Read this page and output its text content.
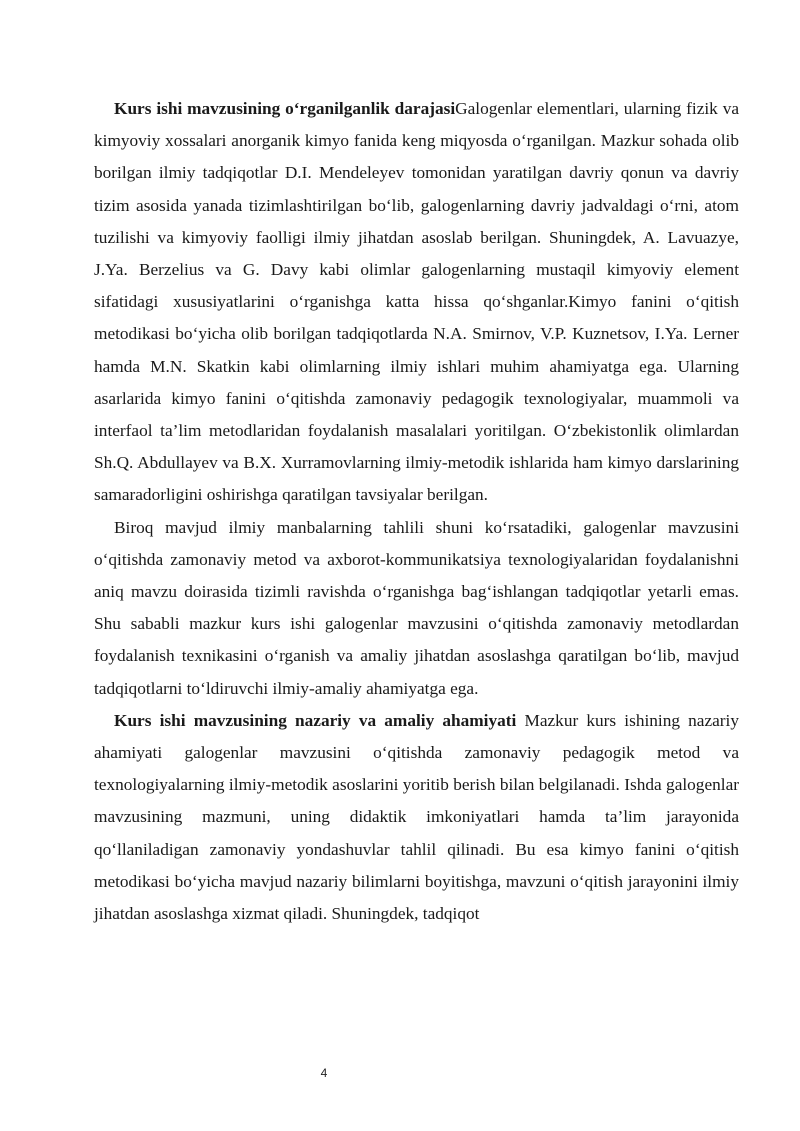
Kurs ishi mavzusining o‘rganilganlik darajasiGalogenlar elementlari, ularning fizik va kimyoviy xossalari anorganik kimyo fanida keng miqyosda o‘rganilgan. Mazkur sohada olib borilgan ilmiy tadqiqotlar D.I. Mendeleyev tomonidan yaratilgan davriy qonun va davriy tizim asosida yanada tizimlashtirilgan bo‘lib, galogenlarning davriy jadvaldagi o‘rni, atom tuzilishi va kimyoviy faolligi ilmiy jihatdan asoslab berilgan. Shuningdek, A. Lavuazye, J.Ya. Berzelius va G. Davy kabi olimlar galogenlarning mustaqil kimyoviy element sifatidagi xususiyatlarini o‘rganishga katta hissa qo‘shganlar.Kimyo fanini o‘qitish metodikasi bo‘yicha olib borilgan tadqiqotlarda N.A. Smirnov, V.P. Kuznetsov, I.Ya. Lerner hamda M.N. Skatkin kabi olimlarning ilmiy ishlari muhim ahamiyatga ega. Ularning asarlarida kimyo fanini o‘qitishda zamonaviy pedagogik texnologiyalar, muammoli va interfaol ta’lim metodlaridan foydalanish masalalari yoritilgan. O‘zbekistonlik olimlardan Sh.Q. Abdullayev va B.X. Xurramovlarning ilmiy-metodik ishlarida ham kimyo darslarining samaradorligini oshirishga qaratilgan tavsiyalar berilgan.

Biroq mavjud ilmiy manbalarning tahlili shuni ko‘rsatadiki, galogenlar mavzusini o‘qitishda zamonaviy metod va axborot-kommunikatsiya texnologiyalaridan foydalanishni aniq mavzu doirasida tizimli ravishda o‘rganishga bag‘ishlangan tadqiqotlar yetarli emas. Shu sababli mazkur kurs ishi galogenlar mavzusini o‘qitishda zamonaviy metodlardan foydalanish texnikasini o‘rganish va amaliy jihatdan asoslashga qaratilgan bo‘lib, mavjud tadqiqotlarni to‘ldiruvchi ilmiy-amaliy ahamiyatga ega.

Kurs ishi mavzusining nazariy va amaliy ahamiyati Mazkur kurs ishining nazariy ahamiyati galogenlar mavzusini o‘qitishda zamonaviy pedagogik metod va texnologiyalarning ilmiy-metodik asoslarini yoritib berish bilan belgilanadi. Ishda galogenlar mavzusining mazmuni, uning didaktik imkoniyatlari hamda ta’lim jarayonida qo‘llaniladigan zamonaviy yondashuvlar tahlil qilinadi. Bu esa kimyo fanini o‘qitish metodikasi bo‘yicha mavjud nazariy bilimlarni boyitishga, mavzuni o‘qitish jarayonini ilmiy jihatdan asoslashga xizmat qiladi. Shuningdek, tadqiqot

4
